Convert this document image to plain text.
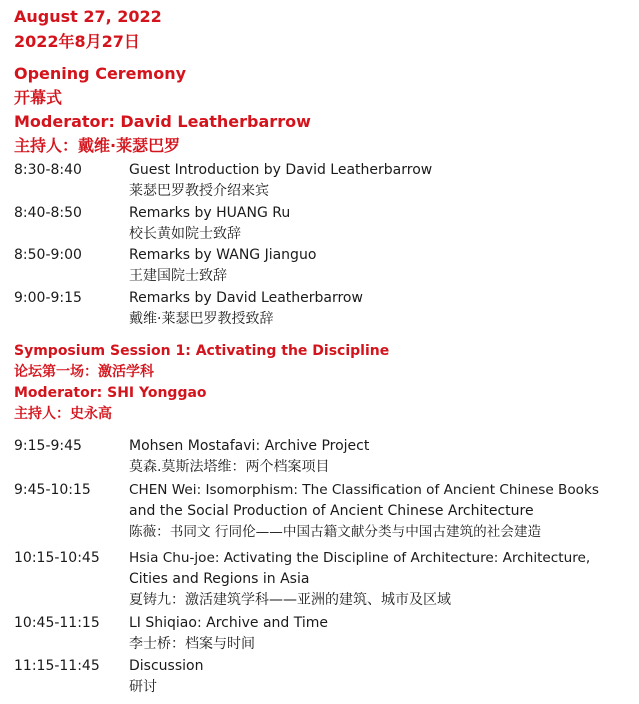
August 27, 2022
2022年8月27日
Opening Ceremony
开幕式
Moderator: David Leatherbarrow
主持人：戴维·莱瑟巴罗
8:30-8:40	Guest Introduction by David Leatherbarrow
莱瑟巴罗教授介绍来宾
8:40-8:50	Remarks by HUANG Ru
校长黄如院士致辞
8:50-9:00	Remarks by WANG Jianguo
王建国院士致辞
9:00-9:15	Remarks by David Leatherbarrow
戴维·莱瑟巴罗教授致辞
Symposium Session 1: Activating the Discipline
论坛第一场：激活学科
Moderator: SHI Yonggao
主持人：史永高
9:15-9:45	Mohsen Mostafavi: Archive Project
莫森.莫斯法塔维：两个档案项目
9:45-10:15	CHEN Wei: Isomorphism: The Classification of Ancient Chinese Books
and the Social Production of Ancient Chinese Architecture
陈薇：书同文 行同伦——中国古籍文献分类与中国古建筑的社会建造
10:15-10:45 Hsia Chu-joe: Activating the Discipline of Architecture: Architecture,
Cities and Regions in Asia
夏铸九：激活建筑学科——亚洲的建筑、城市及区域
10:45-11:15 LI Shiqiao: Archive and Time
李士桥：档案与时间
11:15-11:45 Discussion
研讨
